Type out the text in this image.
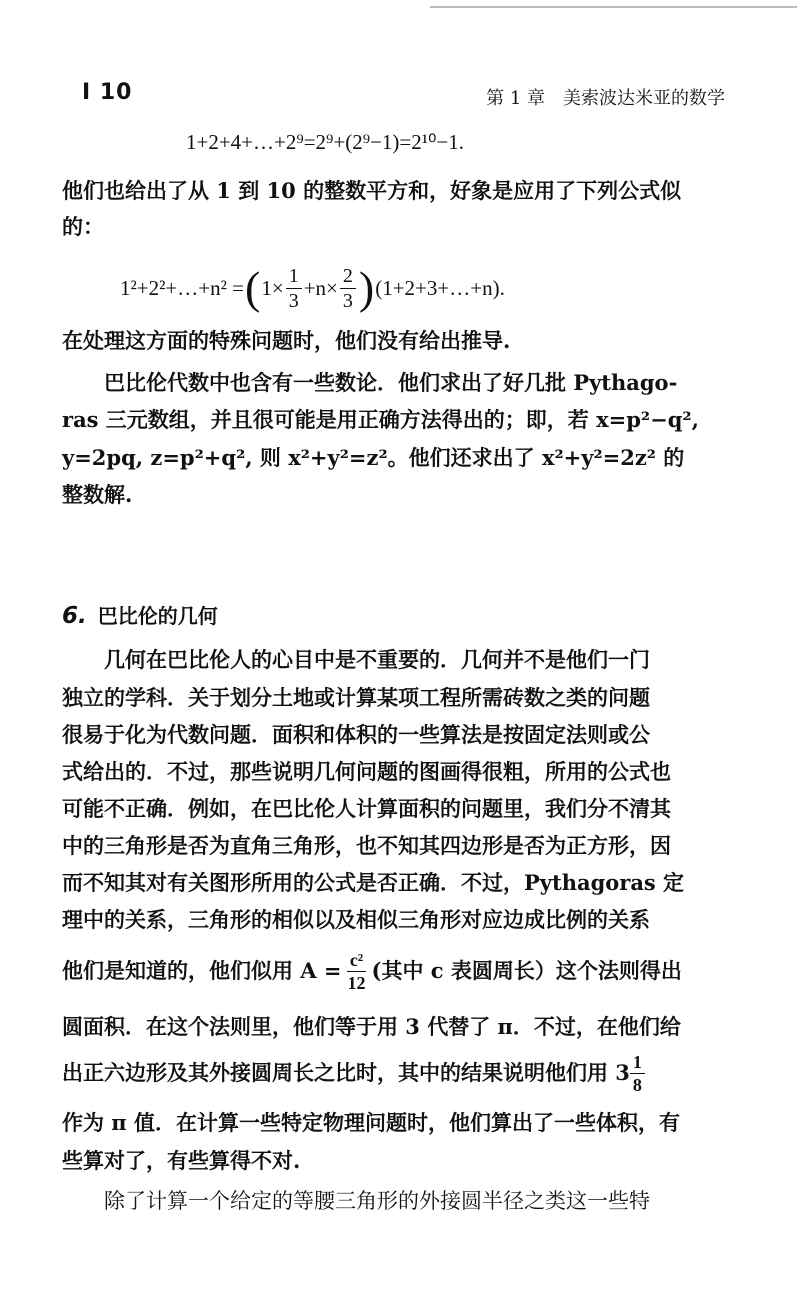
I 10	第 1 章　美索波达米亚的数学
1+2+4+…+2⁹=2⁹+(2⁹−1)=2¹⁰−1.
他们也给出了从 1 到 10 的整数平方和，好象是应用了下列公式似
的：
1²+2²+…+n² = ( $1\times \frac{1}{3} +n\times \frac{2}{3}$ ) (1+2+3+…+n).
在处理这方面的特殊问题时，他们没有给出推导.
巴比伦代数中也含有一些数论．他们求出了好几批 Pythago-
ras 三元数组，并且很可能是用正确方法得出的；即，若 x=p²−q²,
y=2pq, z=p²+q², 则 x²+y²=z²。他们还求出了 x²+y²=2z² 的
整数解.
6. 巴比伦的几何
几何在巴比伦人的心目中是不重要的．几何并不是他们一门
独立的学科．关于划分土地或计算某项工程所需砖数之类的问题
很易于化为代数问题．面积和体积的一些算法是按固定法则或公
式给出的．不过，那些说明几何问题的图画得很粗，所用的公式也
可能不正确．例如，在巴比伦人计算面积的问题里，我们分不清其
中的三角形是否为直角三角形，也不知其四边形是否为正方形，因
而不知其对有关图形所用的公式是否正确．不过，Pythagoras 定
理中的关系，三角形的相似以及相似三角形对应边成比例的关系
他们是知道的，他们似用 $A = \frac{\text{c²}}{12}$ (其中 c 表圆周长）这个法则得出
圆面积．在这个法则里，他们等于用 3 代替了 π．不过，在他们给
出正六边形及其外接圆周长之比时，其中的结果说明他们用 $3 \frac{1}{8}$
作为 π 值．在计算一些特定物理问题时，他们算出了一些体积，有
些算对了，有些算得不对.
除了计算一个给定的等腰三角形的外接圆半径之类这一些特
